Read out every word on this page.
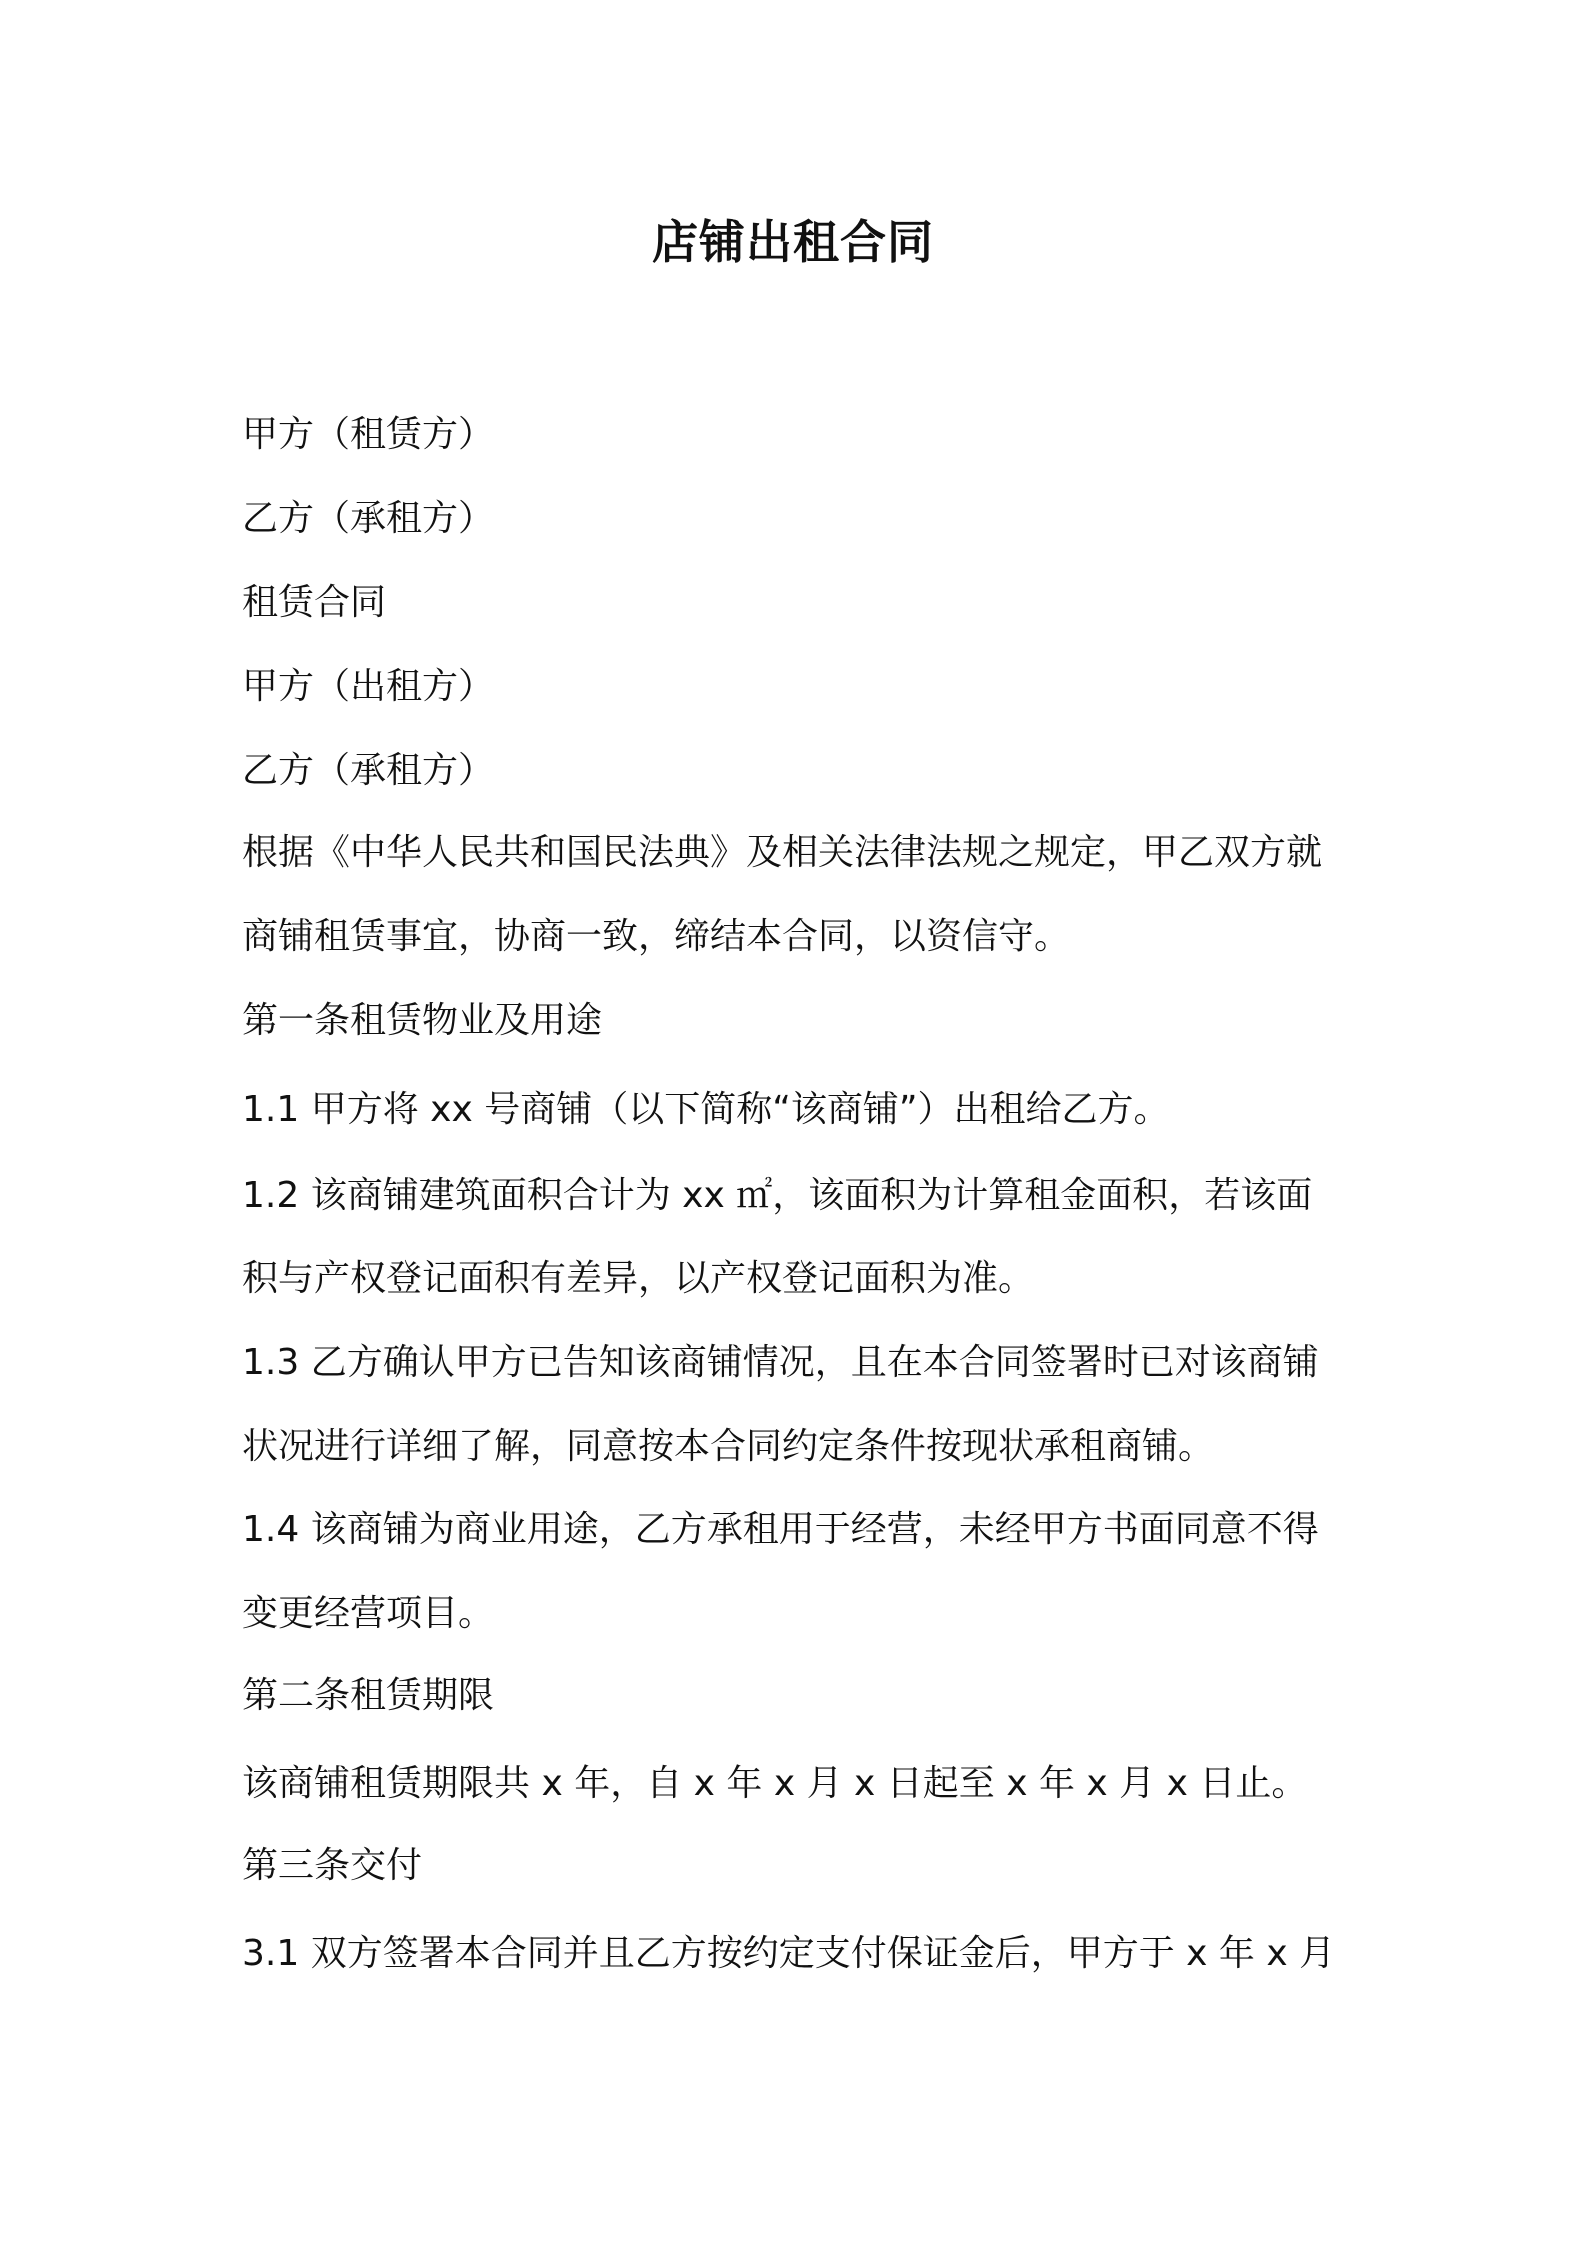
店铺出租合同
甲方（租赁方）
乙方（承租方）
租赁合同
甲方（出租方）
乙方（承租方）
根据《中华人民共和国民法典》及相关法律法规之规定，甲乙双方就
商铺租赁事宜，协商一致，缔结本合同，以资信守。
第一条租赁物业及用途
1.1 甲方将 xx 号商铺（以下简称“该商铺”）出租给乙方。
1.2 该商铺建筑面积合计为 xx ㎡，该面积为计算租金面积，若该面
积与产权登记面积有差异，以产权登记面积为准。
1.3 乙方确认甲方已告知该商铺情况，且在本合同签署时已对该商铺
状况进行详细了解，同意按本合同约定条件按现状承租商铺。
1.4 该商铺为商业用途，乙方承租用于经营，未经甲方书面同意不得
变更经营项目。
第二条租赁期限
该商铺租赁期限共 x 年，自 x 年 x 月 x 日起至 x 年 x 月 x 日止。
第三条交付
3.1 双方签署本合同并且乙方按约定支付保证金后，甲方于 x 年 x 月
